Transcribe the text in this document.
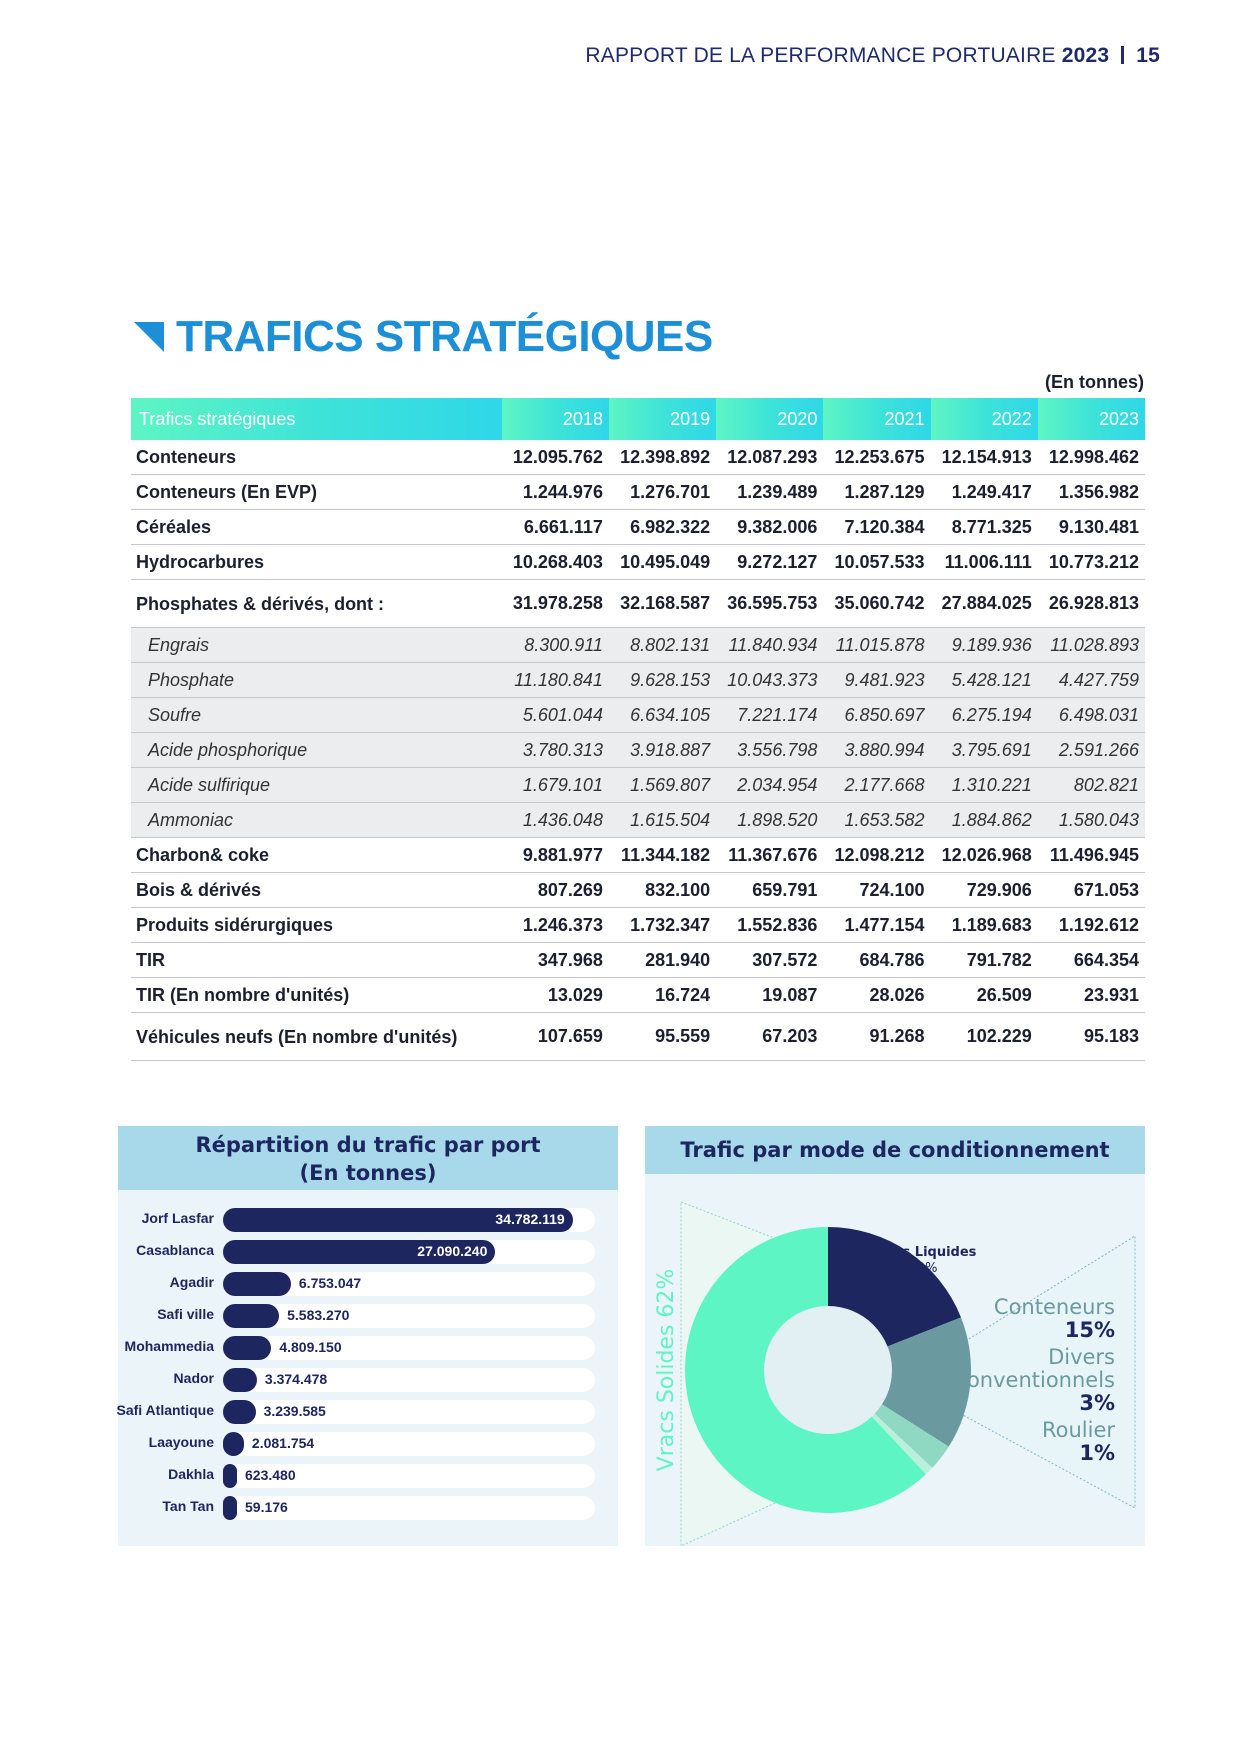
RAPPORT DE LA PERFORMANCE PORTUAIRE 2023 15
TRAFICS STRATÉGIQUES
(En tonnes)
Trafics stratégiques	2018	2019	2020	2021	2022	2023
Conteneurs	12.095.762	12.398.892	12.087.293	12.253.675	12.154.913	12.998.462
Conteneurs (En EVP)	1.244.976	1.276.701	1.239.489	1.287.129	1.249.417	1.356.982
Céréales	6.661.117	6.982.322	9.382.006	7.120.384	8.771.325	9.130.481
Hydrocarbures	10.268.403	10.495.049	9.272.127	10.057.533	11.006.111	10.773.212
Phosphates & dérivés, dont :	31.978.258	32.168.587	36.595.753	35.060.742	27.884.025	26.928.813
Engrais	8.300.911	8.802.131	11.840.934	11.015.878	9.189.936	11.028.893
Phosphate	11.180.841	9.628.153	10.043.373	9.481.923	5.428.121	4.427.759
Soufre	5.601.044	6.634.105	7.221.174	6.850.697	6.275.194	6.498.031
Acide phosphorique	3.780.313	3.918.887	3.556.798	3.880.994	3.795.691	2.591.266
Acide sulfirique	1.679.101	1.569.807	2.034.954	2.177.668	1.310.221	802.821
Ammoniac	1.436.048	1.615.504	1.898.520	1.653.582	1.884.862	1.580.043
Charbon& coke	9.881.977	11.344.182	11.367.676	12.098.212	12.026.968	11.496.945
Bois & dérivés	807.269	832.100	659.791	724.100	729.906	671.053
Produits sidérurgiques	1.246.373	1.732.347	1.552.836	1.477.154	1.189.683	1.192.612
TIR	347.968	281.940	307.572	684.786	791.782	664.354
TIR (En nombre d'unités)	13.029	16.724	19.087	28.026	26.509	23.931
Véhicules neufs (En nombre d'unités)	107.659	95.559	67.203	91.268	102.229	95.183
Répartition du trafic par port
(En tonnes)
Jorf Lasfar	34.782.119
Casablanca	27.090.240
Agadir	6.753.047
Safi ville	5.583.270
Mohammedia	4.809.150
Nador	3.374.478
Safi Atlantique	3.239.585
Laayoune	2.081.754
Dakhla 623.480
Tan Tan 59.176
Trafic par mode de conditionnement
Vracs Liquides
19%
Conteneurs
15%
Divers
Conventionnels
3%
Roulier
1%
Vracs Solides 62%
